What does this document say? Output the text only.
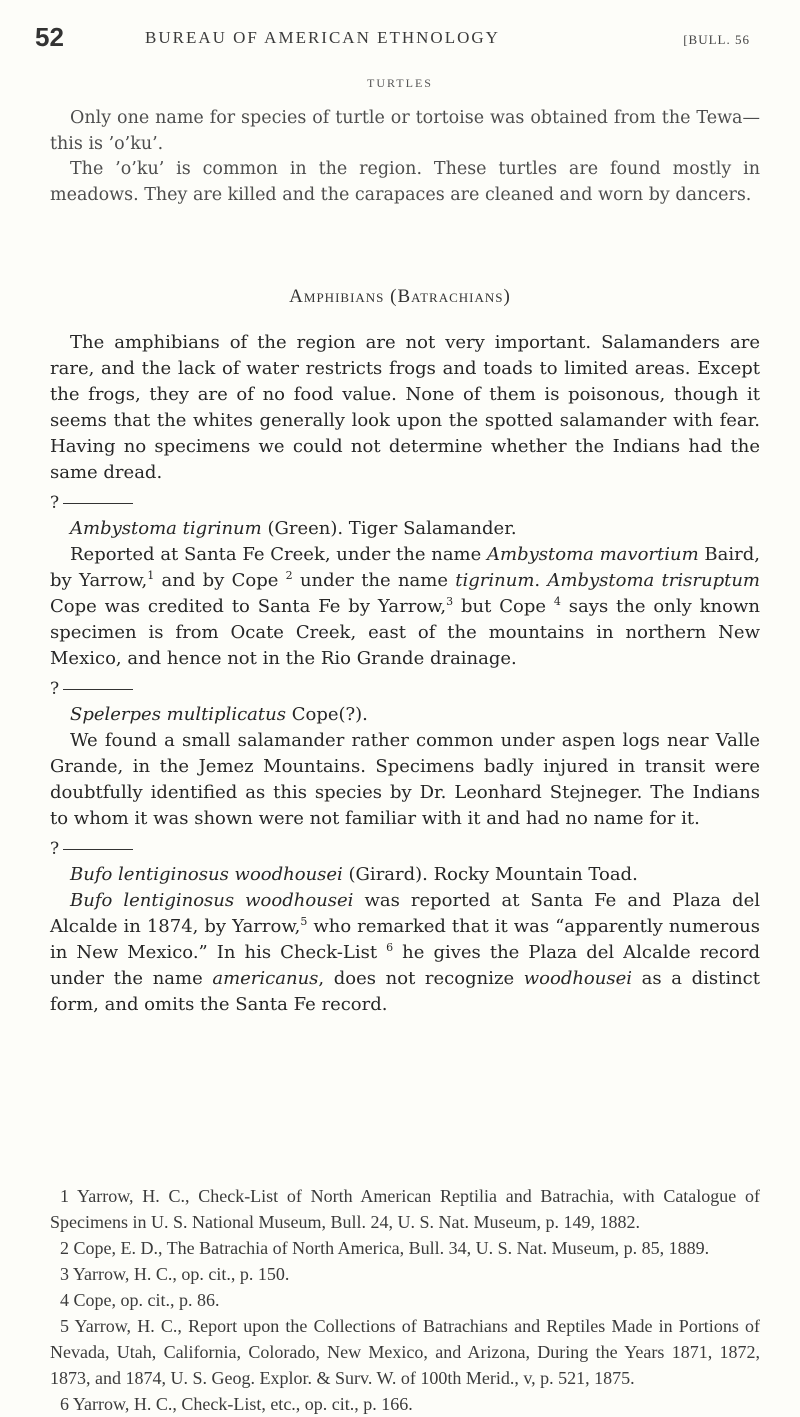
52	BUREAU OF AMERICAN ETHNOLOGY	[BULL. 56
TURTLES

Only one name for species of turtle or tortoise was obtained from the Tewa—this is ’o’ku’.

The ’o’ku’ is common in the region. These turtles are found mostly in meadows. They are killed and the carapaces are cleaned and worn by dancers.

Amphibians (Batrachians)

The amphibians of the region are not very important. Salamanders are rare, and the lack of water restricts frogs and toads to limited areas. Except the frogs, they are of no food value. None of them is poisonous, though it seems that the whites generally look upon the spotted salamander with fear. Having no specimens we could not determine whether the Indians had the same dread.

?

Ambystoma tigrinum (Green). Tiger Salamander.

Reported at Santa Fe Creek, under the name Ambystoma mavortium Baird, by Yarrow,$^1$ and by Cope $^2$ under the name tigrinum. Ambystoma trisruptum Cope was credited to Santa Fe by Yarrow,$^3$ but Cope $^4$ says the only known specimen is from Ocate Creek, east of the mountains in northern New Mexico, and hence not in the Rio Grande drainage.

?

Spelerpes multiplicatus Cope(?).

We found a small salamander rather common under aspen logs near Valle Grande, in the Jemez Mountains. Specimens badly injured in transit were doubtfully identified as this species by Dr. Leonhard Stejneger. The Indians to whom it was shown were not familiar with it and had no name for it.

?

Bufo lentiginosus woodhousei (Girard). Rocky Mountain Toad.

Bufo lentiginosus woodhousei was reported at Santa Fe and Plaza del Alcalde in 1874, by Yarrow,$^5$ who remarked that it was “apparently numerous in New Mexico.” In his Check-List $^6$ he gives the Plaza del Alcalde record under the name americanus, does not recognize woodhousei as a distinct form, and omits the Santa Fe record.

1 Yarrow, H. C., Check-List of North American Reptilia and Batrachia, with Catalogue of Specimens in U. S. National Museum, Bull. 24, U. S. Nat. Museum, p. 149, 1882.

2 Cope, E. D., The Batrachia of North America, Bull. 34, U. S. Nat. Museum, p. 85, 1889.

3 Yarrow, H. C., op. cit., p. 150.

4 Cope, op. cit., p. 86.

5 Yarrow, H. C., Report upon the Collections of Batrachians and Reptiles Made in Portions of Nevada, Utah, California, Colorado, New Mexico, and Arizona, During the Years 1871, 1872, 1873, and 1874, U. S. Geog. Explor. & Surv. W. of 100th Merid., v, p. 521, 1875.

6 Yarrow, H. C., Check-List, etc., op. cit., p. 166.
